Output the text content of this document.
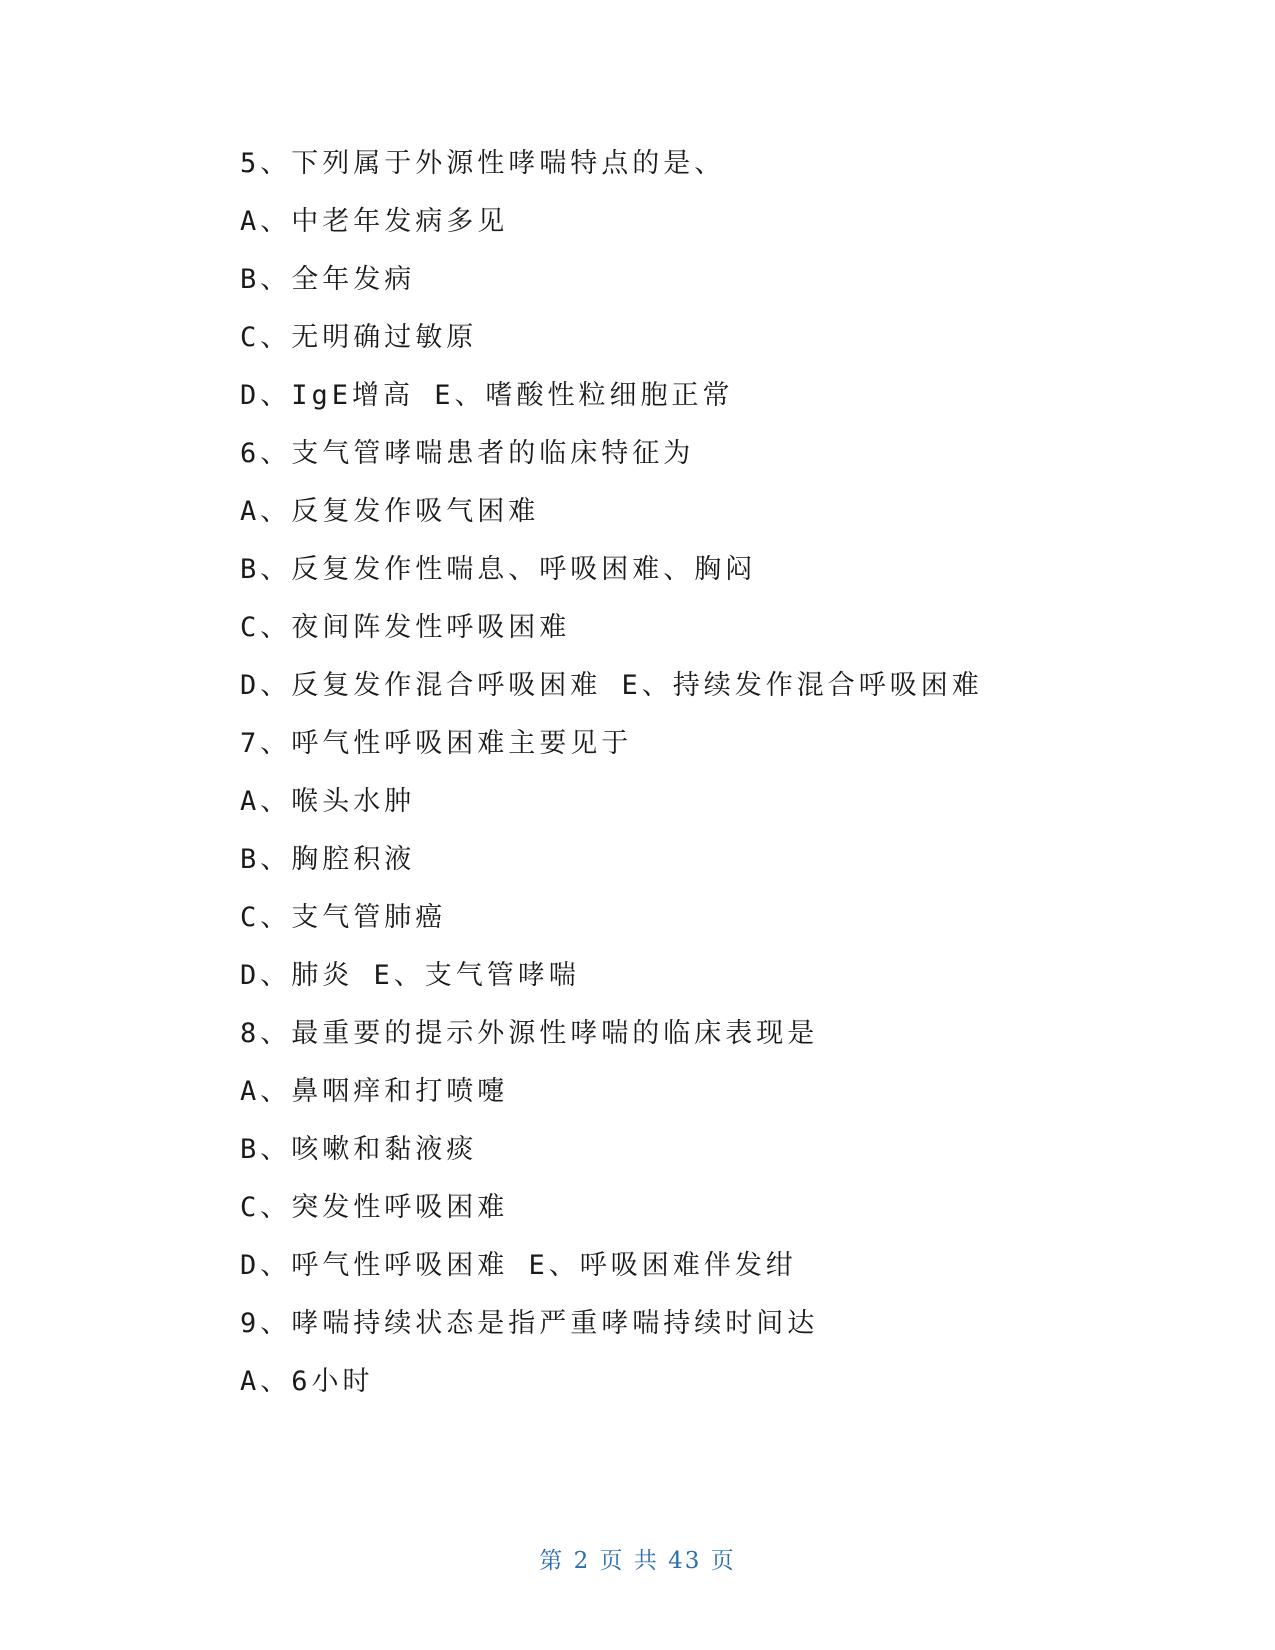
5、下列属于外源性哮喘特点的是、
A、中老年发病多见
B、全年发病
C、无明确过敏原
D、IgE增高 E、嗜酸性粒细胞正常
6、支气管哮喘患者的临床特征为
A、反复发作吸气困难
B、反复发作性喘息、呼吸困难、胸闷
C、夜间阵发性呼吸困难
D、反复发作混合呼吸困难 E、持续发作混合呼吸困难
7、呼气性呼吸困难主要见于
A、喉头水肿
B、胸腔积液
C、支气管肺癌
D、肺炎 E、支气管哮喘
8、最重要的提示外源性哮喘的临床表现是
A、鼻咽痒和打喷嚏
B、咳嗽和黏液痰
C、突发性呼吸困难
D、呼气性呼吸困难 E、呼吸困难伴发绀
9、哮喘持续状态是指严重哮喘持续时间达
A、6小时
第 2 页 共 43 页
